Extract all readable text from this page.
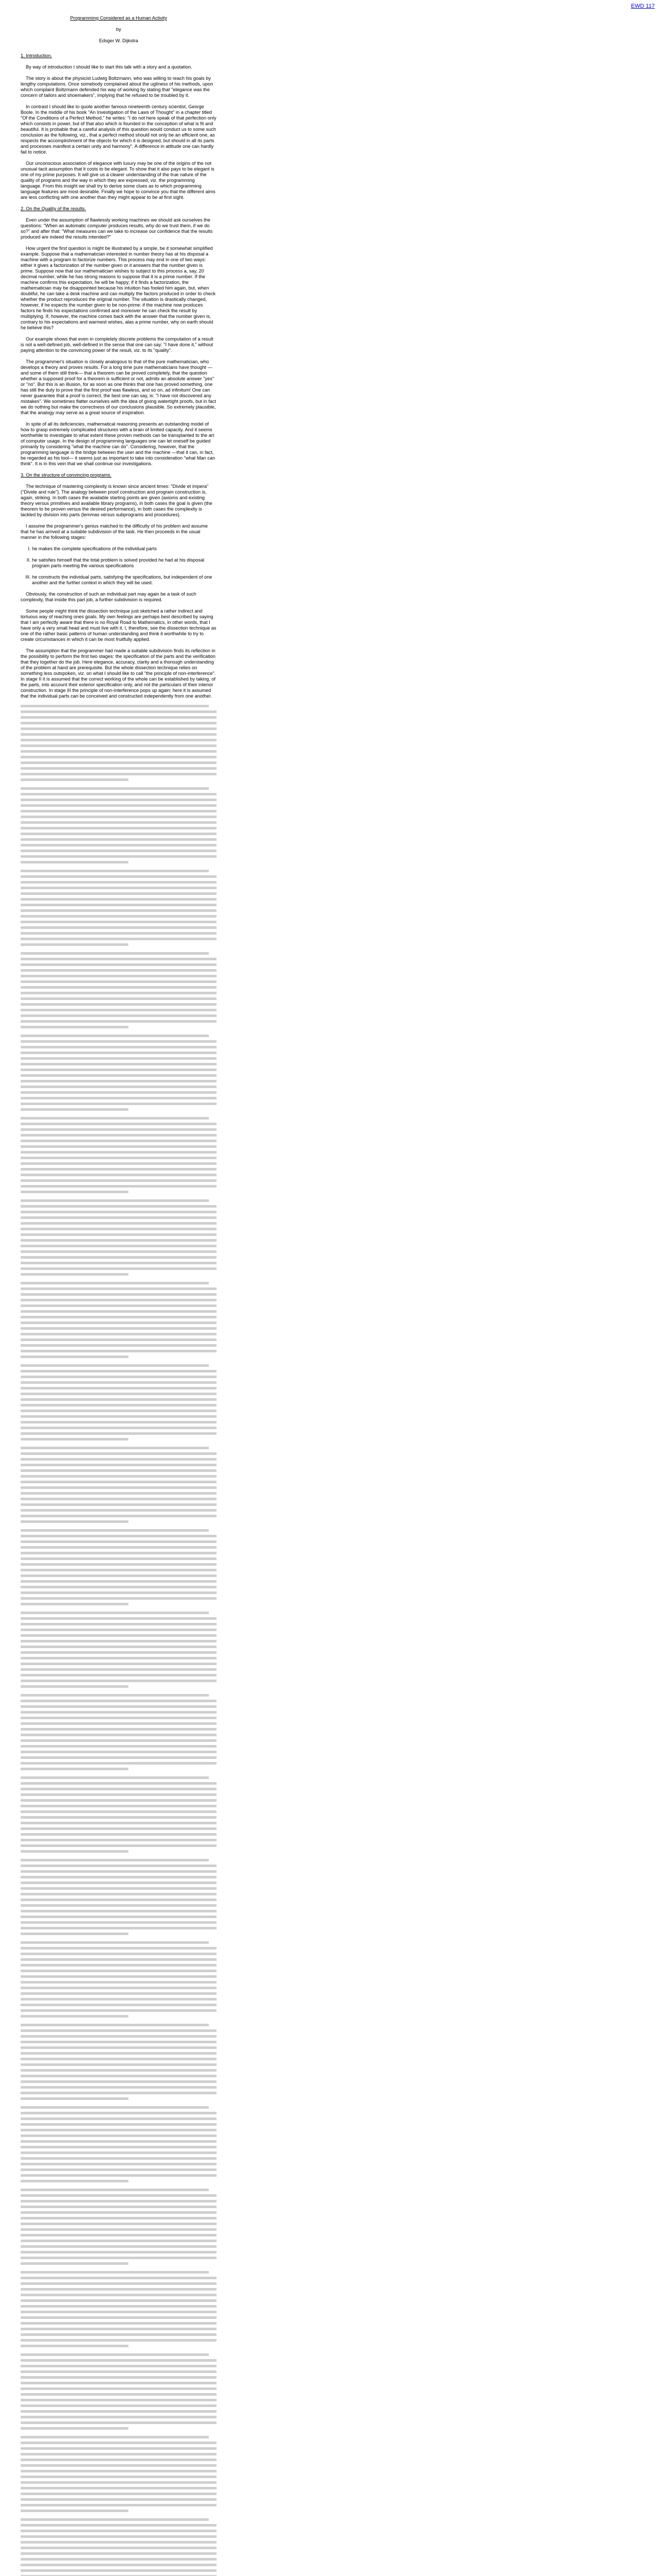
EWD 117
Programming Considered as a Human Activity
by
Edsger W. Dijkstra
1. Introduction.

By way of introduction I should like to start this talk with a story and a quotation.

The story is about the physicist Ludwig Boltzmann, who was willing to reach his goals by lengthy computations. Once somebody complained about the ugliness of his methods, upon which complaint Boltzmann defended his way of working by stating that "elegance was the concern of tailors and shoemakers", implying that he refused to be troubled by it.

In contrast I should like to quote another famous nineteenth century scientist, George Boole. In the middle of his book "An Investigation of the Laws of Thought" in a chapter titled "Of the Conditions of a Perfect Method." he writes: "I do not here speak of that perfection only which consists in power, but of that also which is founded in the conception of what is fit and beautiful. It is probable that a careful analysis of this question would conduct us to some such conclusion as the following, viz., that a perfect method should not only be an efficient one, as respects the accomplishment of the objects for which it is designed, but should in all its parts and processes manifest a certain unity and harmony". A difference in attitude one can hardly fail to notice.

Our unconscious association of elegance with luxury may be one of the origins of the not unusual tacit assumption that it costs to be elegant. To show that it also pays to be elegant is one of my prime purposes. It will give us a clearer understanding of the true nature of the quality of programs and the way in which they are expressed, viz. the programming language. From this insight we shall try to derive some clues as to which programming language features are most desirable. Finally we hope to convince you that the different aims are less conflicting with one another than they might appear to be at first sight.

2. On the Quality of the results.

Even under the assumption of flawlessly working machines we should ask ourselves the questions: "When an automatic computer produces results, why do we trust them, if we do so?" and after that: "What measures can we take to increase our confidence that the results produced are indeed the results intended?"

How urgent the first question is might be illustrated by a simple, be it somewhat simplified example. Suppose that a mathematician interested in number theory has at his disposal a machine with a program to factorize numbers. This process may end in one of two ways: either it gives a factorization of the number given or it answers that the number given is prime. Suppose now that our mathematician wishes to subject to this process a, say, 20 decimal number, while he has strong reasons to suppose that it is a prime number. If the machine confirms this expectation, he will be happy; if it finds a factorization, the mathematician may be disappointed because his intuition has fooled him again, but, when doubtful, he can take a desk machine and can multiply the factors produced in order to check whether the product reproduces the original number. The situation is drastically changed, however, if he expects the number given to be non-prime: if the machine now produces factors he finds his expectations confirmed and moreover he can check the result by multiplying. If, however, the machine comes back with the answer that the number given is, contrary to his expectations and warmest wishes, alas a prime number, why on earth should he believe this?

Our example shows that even in completely discrete problems the computation of a result is not a well-defined job, well-defined in the sense that one can say: "I have done it," without paying attention to the convincing power of the result, viz. to its "quality".

The programmer's situation is closely analogous to that of the pure mathematician, who develops a theory and proves results. For a long time pure mathematicians have thought —and some of them still think— that a theorem can be proved completely, that the question whether a supposed proof for a theorem is sufficient or not, admits an absolute answer "yes" or "no". But this is an illusion, for as soon as one thinks that one has proved something, one has still the duty to prove that the first proof was flawless, and so on, ad infinitum! One can never guarantee that a proof is correct, the best one can say, is: "I have not discovered any mistakes". We sometimes flatter ourselves with the idea of giving watertight proofs, but in fact we do nothing but make the correctness of our conclusions plausible. So extremely plausible, that the analogy may serve as a great source of inspiration.

In spite of all its deficiencies, mathematical reasoning presents an outstanding model of how to grasp extremely complicated structures with a brain of limited capacity. And it seems worthwhile to investigate to what extent these proven methods can be transplanted to the art of computer usage. In the design of programming languages one can let oneself be guided primarily by considering "what the machine can do". Considering, however, that the programming language is the bridge between the user and the machine —that it can, in fact, be regarded as his tool— it seems just as important to take into consideration "what Man can think". It is in this vein that we shall continue our investigations.

3. On the structure of convincing programs.

The technique of mastering complexity is known since ancient times: "Divide et impera" ("Divide and rule"). The analogy between proof construction and program construction is, again, striking. In both cases the available starting points are given (axioms and existing theory versus primitives and available library programs), in both cases the goal is given (the theorem to be proven versus the desired performance), in both cases the complexity is tackled by division into parts (lemmas versus subprograms and procedures).

I assume the programmer's genius matched to the difficulty of his problem and assume that he has arrived at a suitable subdivision of the task. He then proceeds in the usual manner in the following stages:

I. he makes the complete specifications of the individual parts
II. he satisfies himself that the total problem is solved provided he had at his disposal program parts meeting the various specifications
III. he constructs the individual parts, satisfying the specifications, but independent of one another and the further context in which they will be used.

Obviously, the construction of such an individual part may again be a task of such complexity, that inside this part job, a further subdivision is required.

Some people might think the dissection technique just sketched a rather indirect and tortuous way of reaching ones goals. My own feelings are perhaps best described by saying that I am perfectly aware that there is no Royal Road to Mathematics, in other words, that I have only a very small head and must live with it. I, therefore, see the dissection technique as one of the rather basic patterns of human understanding and think it worthwhile to try to create circumstances in which it can be most fruitfully applied.

The assumption that the programmer had made a suitable subdivision finds its reflection in the possibility to perform the first two stages: the specification of the parts and the verification that they together do the job. Here elegance, accuracy, clarity and a thorough understanding of the problem at hand are prerequisite. But the whole dissection technique relies on something less outspoken, viz. on what I should like to call "the principle of non-interference". In stage II it is assumed that the correct working of the whole can be established by taking, of the parts, into account their exterior specification only, and not the particulars of their interior construction. In stage III the principle of non-interference pops up again: here it is assumed that the individual parts can be conceived and constructed independently from one another.
